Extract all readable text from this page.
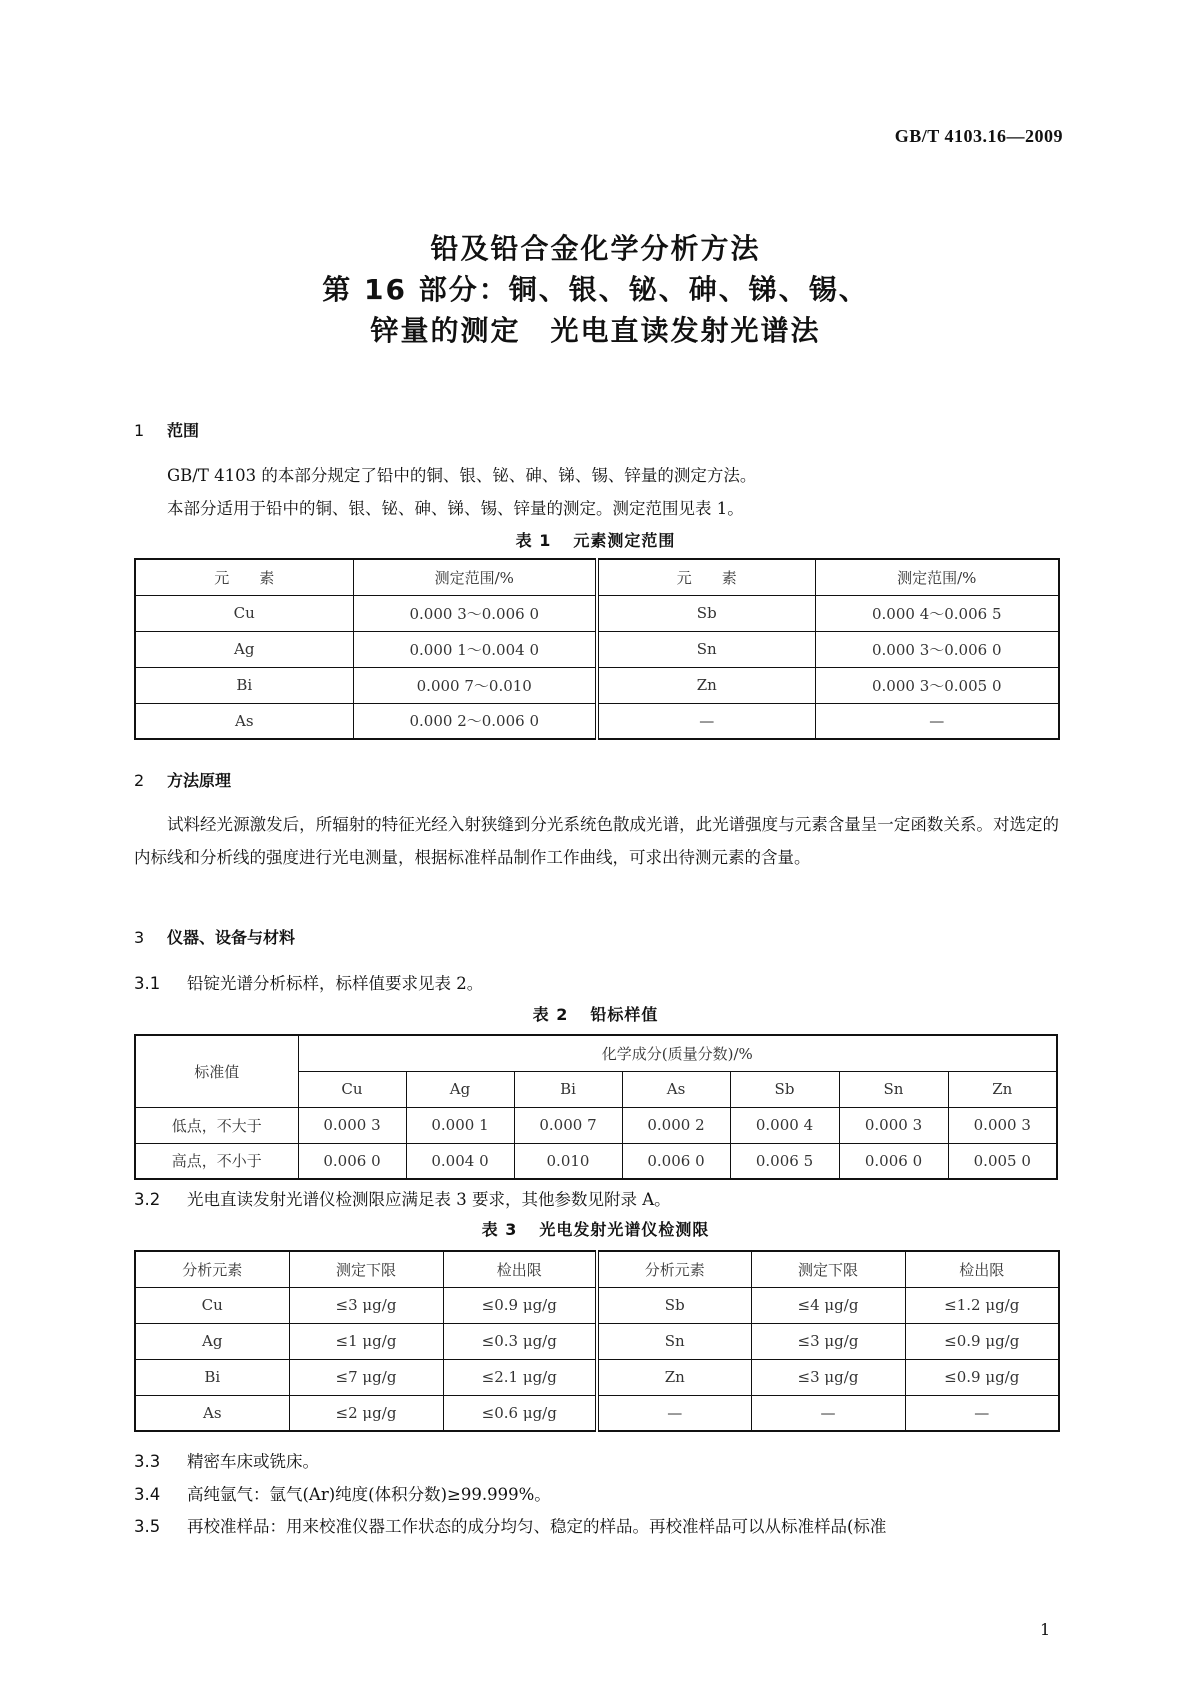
GB/T 4103.16—2009
铅及铅合金化学分析方法
第 16 部分：铜、银、铋、砷、锑、锡、
锌量的测定　光电直读发射光谱法
1 范围
GB/T 4103 的本部分规定了铅中的铜、银、铋、砷、锑、锡、锌量的测定方法。
本部分适用于铅中的铜、银、铋、砷、锑、锡、锌量的测定。测定范围见表 1。
表 1 元素测定范围
元　　素	测定范围/%	元　　素	测定范围/%
Cu	0.000 3～0.006 0	Sb	0.000 4～0.006 5
Ag	0.000 1～0.004 0	Sn	0.000 3～0.006 0
Bi	0.000 7～0.010	Zn	0.000 3～0.005 0
As	0.000 2～0.006 0	—	—
2 方法原理
试料经光源激发后，所辐射的特征光经入射狭缝到分光系统色散成光谱，此光谱强度与元素含量呈一定函数关系。对选定的内标线和分析线的强度进行光电测量，根据标准样品制作工作曲线，可求出待测元素的含量。
3 仪器、设备与材料
3.1 铅锭光谱分析标样，标样值要求见表 2。
表 2 铅标样值
标准值	化学成分(质量分数)/%						
	Cu	Ag	Bi	As	Sb	Sn	Zn
低点，不大于	0.000 3	0.000 1	0.000 7	0.000 2	0.000 4	0.000 3	0.000 3
高点，不小于	0.006 0	0.004 0	0.010	0.006 0	0.006 5	0.006 0	0.005 0
3.2 光电直读发射光谱仪检测限应满足表 3 要求，其他参数见附录 A。
表 3 光电发射光谱仪检测限
分析元素	测定下限	检出限	分析元素	测定下限	检出限
Cu	≤3 μg/g	≤0.9 μg/g	Sb	≤4 μg/g	≤1.2 μg/g
Ag	≤1 μg/g	≤0.3 μg/g	Sn	≤3 μg/g	≤0.9 μg/g
Bi	≤7 μg/g	≤2.1 μg/g	Zn	≤3 μg/g	≤0.9 μg/g
As	≤2 μg/g	≤0.6 μg/g	—	—	—
3.3 精密车床或铣床。
3.4 高纯氩气：氩气(Ar)纯度(体积分数)≥99.999%。
3.5 再校准样品：用来校准仪器工作状态的成分均匀、稳定的样品。再校准样品可以从标准样品(标准
1
